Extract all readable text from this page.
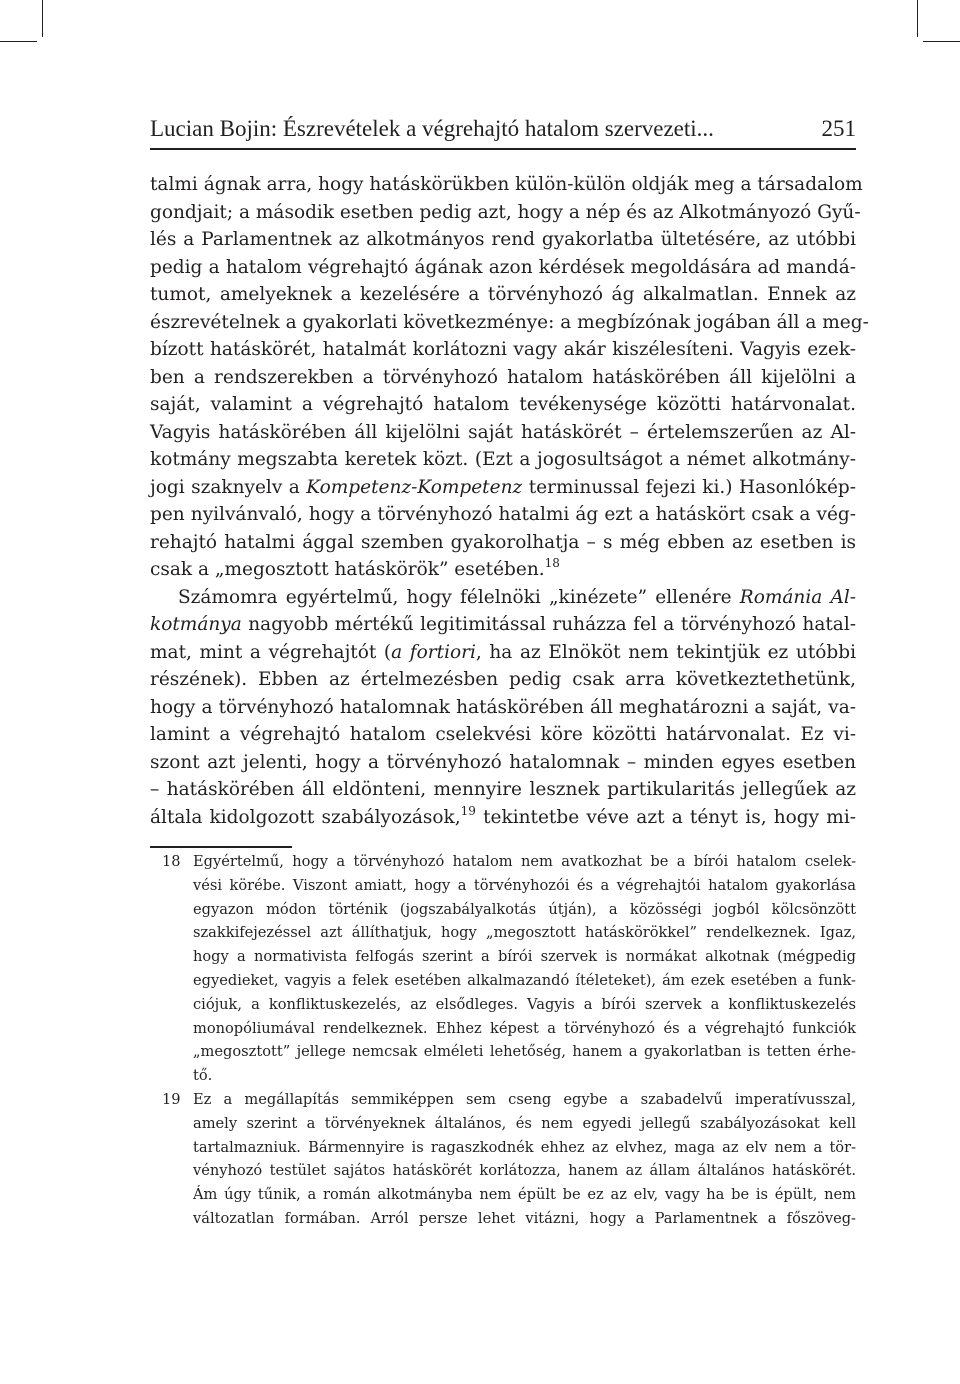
Lucian Bojin: Észrevételek a végrehajtó hatalom szervezeti...	251
talmi ágnak arra, hogy hatáskörükben külön-külön oldják meg a társadalom
gondjait; a második esetben pedig azt, hogy a nép és az Alkotmányozó Gyű-
lés a Parlamentnek az alkotmányos rend gyakorlatba ültetésére, az utóbbi
pedig a hatalom végrehajtó ágának azon kérdések megoldására ad mandá-
tumot, amelyeknek a kezelésére a törvényhozó ág alkalmatlan. Ennek az
észrevételnek a gyakorlati következménye: a megbízónak jogában áll a meg-
bízott hatáskörét, hatalmát korlátozni vagy akár kiszélesíteni. Vagyis ezek-
ben a rendszerekben a törvényhozó hatalom hatáskörében áll kijelölni a
saját, valamint a végrehajtó hatalom tevékenysége közötti határvonalat.
Vagyis hatáskörében áll kijelölni saját hatáskörét – értelemszerűen az Al-
kotmány megszabta keretek közt. (Ezt a jogosultságot a német alkotmány-
jogi szaknyelv a Kompetenz-Kompetenz terminussal fejezi ki.) Hasonlókép-
pen nyilvánvaló, hogy a törvényhozó hatalmi ág ezt a hatáskört csak a vég-
rehajtó hatalmi ággal szemben gyakorolhatja – s még ebben az esetben is
csak a „megosztott hatáskörök” esetében.$^{18}$
Számomra egyértelmű, hogy félelnöki „kinézete” ellenére Románia Al-
kotmánya nagyobb mértékű legitimitással ruházza fel a törvényhozó hatal-
mat, mint a végrehajtót (a fortiori, ha az Elnököt nem tekintjük ez utóbbi
részének). Ebben az értelmezésben pedig csak arra következtethetünk,
hogy a törvényhozó hatalomnak hatáskörében áll meghatározni a saját, va-
lamint a végrehajtó hatalom cselekvési köre közötti határvonalat. Ez vi-
szont azt jelenti, hogy a törvényhozó hatalomnak – minden egyes esetben
– hatáskörében áll eldönteni, mennyire lesznek partikularitás jellegűek az
általa kidolgozott szabályozások,$^{19}$ tekintetbe véve azt a tényt is, hogy mi-
18 Egyértelmű, hogy a törvényhozó hatalom nem avatkozhat be a bírói hatalom cselek-
vési körébe. Viszont amiatt, hogy a törvényhozói és a végrehajtói hatalom gyakorlása
egyazon módon történik (jogszabályalkotás útján), a közösségi jogból kölcsönzött
szakkifejezéssel azt állíthatjuk, hogy „megosztott hatáskörökkel” rendelkeznek. Igaz,
hogy a normativista felfogás szerint a bírói szervek is normákat alkotnak (mégpedig
egyedieket, vagyis a felek esetében alkalmazandó ítéleteket), ám ezek esetében a funk-
ciójuk, a konfliktuskezelés, az elsődleges. Vagyis a bírói szervek a konfliktuskezelés
monopóliumával rendelkeznek. Ehhez képest a törvényhozó és a végrehajtó funkciók
„megosztott” jellege nemcsak elméleti lehetőség, hanem a gyakorlatban is tetten érhe-
tő.
19 Ez a megállapítás semmiképpen sem cseng egybe a szabadelvű imperatívusszal,
amely szerint a törvényeknek általános, és nem egyedi jellegű szabályozásokat kell
tartalmazniuk. Bármennyire is ragaszkodnék ehhez az elvhez, maga az elv nem a tör-
vényhozó testület sajátos hatáskörét korlátozza, hanem az állam általános hatáskörét.
Ám úgy tűnik, a román alkotmányba nem épült be ez az elv, vagy ha be is épült, nem
változatlan formában. Arról persze lehet vitázni, hogy a Parlamentnek a főszöveg-
